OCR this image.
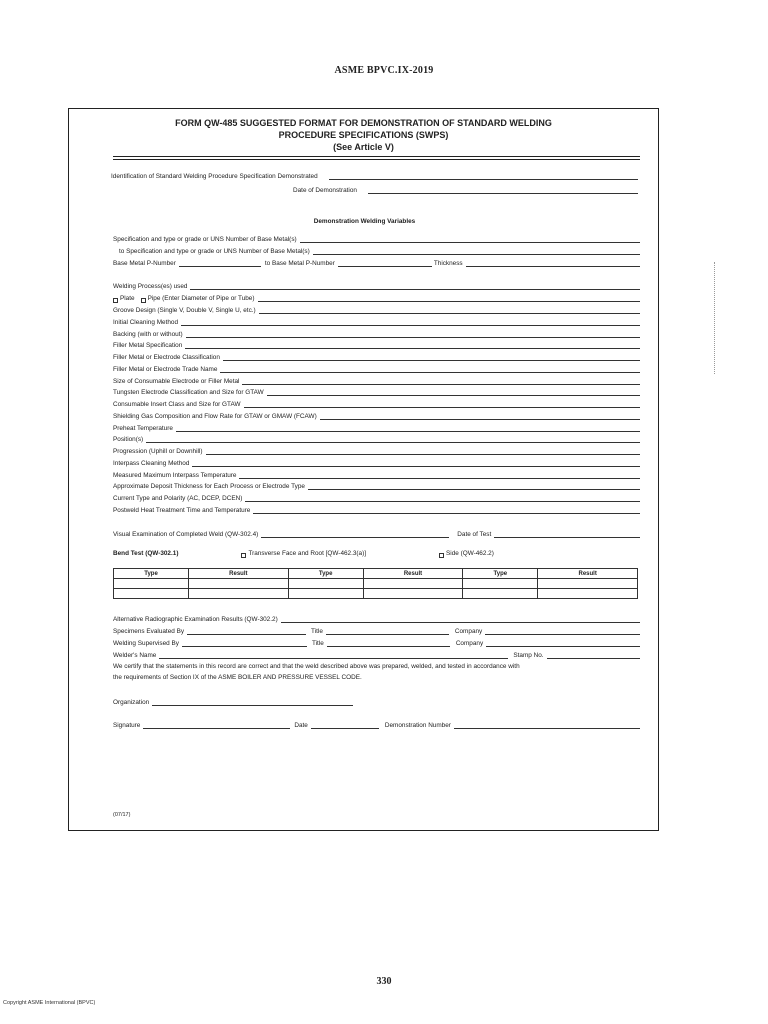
ASME BPVC.IX-2019
FORM QW-485 SUGGESTED FORMAT FOR DEMONSTRATION OF STANDARD WELDING
PROCEDURE SPECIFICATIONS (SWPS)
(See Article V)
Identification of Standard Welding Procedure Specification Demonstrated
Date of Demonstration
Demonstration Welding Variables
Specification and type or grade or UNS Number of Base Metal(s)
to Specification and type or grade or UNS Number of Base Metal(s)
Base Metal P-Number	to Base Metal P-Number	Thickness
Welding Process(es) used
Plate Pipe (Enter Diameter of Pipe or Tube)
Groove Design (Single V, Double V, Single U, etc.)
Initial Cleaning Method
Backing (with or without)
Filler Metal Specification
Filler Metal or Electrode Classification
Filler Metal or Electrode Trade Name
Size of Consumable Electrode or Filler Metal
Tungsten Electrode Classification and Size for GTAW
Consumable Insert Class and Size for GTAW
Shielding Gas Composition and Flow Rate for GTAW or GMAW (FCAW)
Preheat Temperature
Position(s)
Progression (Uphill or Downhill)
Interpass Cleaning Method
Measured Maximum Interpass Temperature
Approximate Deposit Thickness for Each Process or Electrode Type
Current Type and Polarity (AC, DCEP, DCEN)
Postweld Heat Treatment Time and Temperature
Visual Examination of Completed Weld (QW-302.4)	Date of Test
Bend Test (QW-302.1)	Transverse Face and Root [QW-462.3(a)]	Side (QW-462.2)
Type	Result	Type	Result	Type	Result

Alternative Radiographic Examination Results (QW-302.2)
Specimens Evaluated By	Title	Company
Welding Supervised By	Title	Company
Welder's Name	Stamp No.
We certify that the statements in this record are correct and that the weld described above was prepared, welded, and tested in accordance with
the requirements of Section IX of the ASME BOILER AND PRESSURE VESSEL CODE.
Organization
Signature	Date	Demonstration Number
(07/17)
330
Copyright ASME International (BPVC)
